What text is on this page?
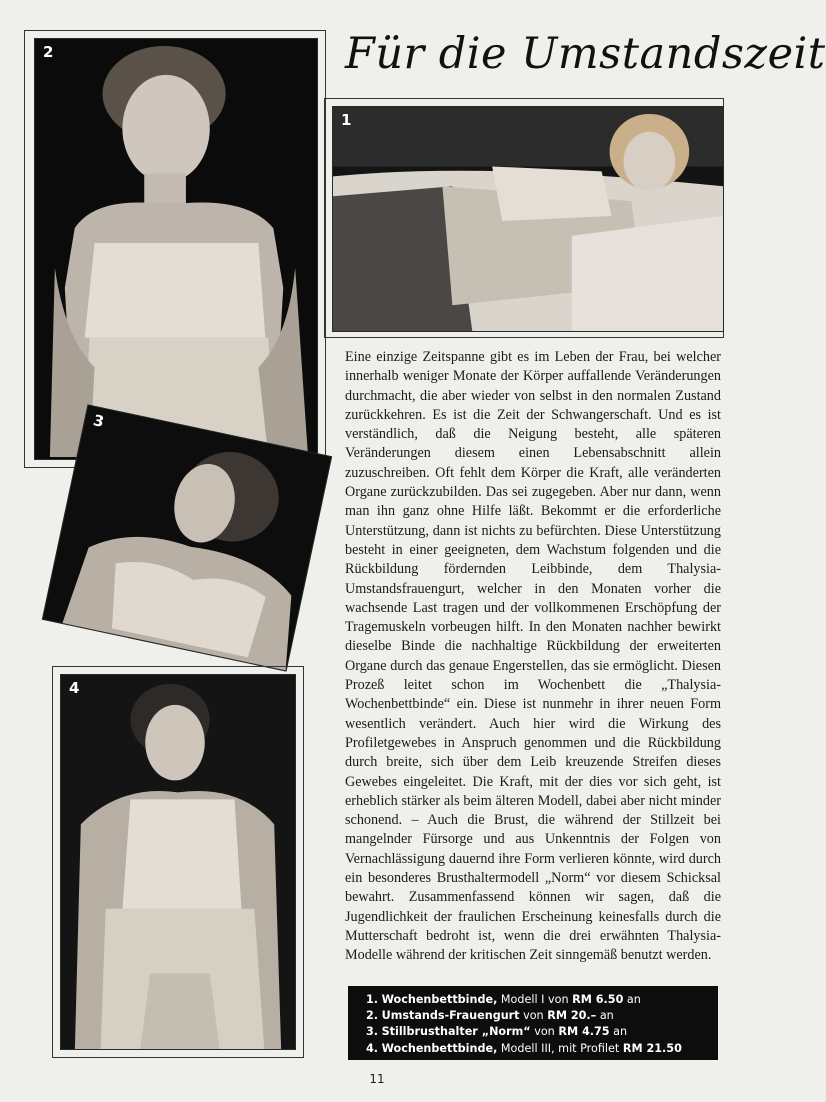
Für die Umstandszeit
2
1
3
4
Eine einzige Zeitspanne gibt es im Leben der Frau, bei welcher innerhalb weniger Monate der Körper auffallende Veränderungen durchmacht, die aber wieder von selbst in den normalen Zustand zurückkehren. Es ist die Zeit der Schwangerschaft. Und es ist verständlich, daß die Neigung besteht, alle späteren Veränderungen diesem einen Lebensabschnitt allein zuzuschreiben. Oft fehlt dem Körper die Kraft, alle veränderten Organe zurückzubilden. Das sei zugegeben. Aber nur dann, wenn man ihn ganz ohne Hilfe läßt. Bekommt er die erforderliche Unterstützung, dann ist nichts zu befürchten. Diese Unterstützung besteht in einer geeigneten, dem Wachstum folgenden und die Rückbildung fördernden Leibbinde, dem Thalysia-Umstandsfrauengurt, welcher in den Monaten vorher die wachsende Last tragen und der vollkommenen Erschöpfung der Tragemuskeln vorbeugen hilft. In den Monaten nachher bewirkt dieselbe Binde die nachhaltige Rückbildung der erweiterten Organe durch das genaue Engerstellen, das sie ermöglicht. Diesen Prozeß leitet schon im Wochenbett die „Thalysia-Wochenbettbinde“ ein. Diese ist nunmehr in ihrer neuen Form wesentlich verändert. Auch hier wird die Wirkung des Profiletgewebes in Anspruch genommen und die Rückbildung durch breite, sich über dem Leib kreuzende Streifen dieses Gewebes eingeleitet. Die Kraft, mit der dies vor sich geht, ist erheblich stärker als beim älteren Modell, dabei aber nicht minder schonend. – Auch die Brust, die während der Stillzeit bei mangelnder Fürsorge und aus Unkenntnis der Folgen von Vernachlässigung dauernd ihre Form verlieren könnte, wird durch ein besonderes Brusthaltermodell „Norm“ vor diesem Schicksal bewahrt. Zusammenfassend können wir sagen, daß die Jugendlichkeit der fraulichen Erscheinung keinesfalls durch die Mutterschaft bedroht ist, wenn die drei erwähnten Thalysia-Modelle während der kritischen Zeit sinngemäß benutzt werden.
1. Wochenbettbinde, Modell I von RM 6.50 an
2. Umstands-Frauengurt von RM 20.– an
3. Stillbrusthalter „Norm“ von RM 4.75 an
4. Wochenbettbinde, Modell III, mit Profilet RM 21.50
11
